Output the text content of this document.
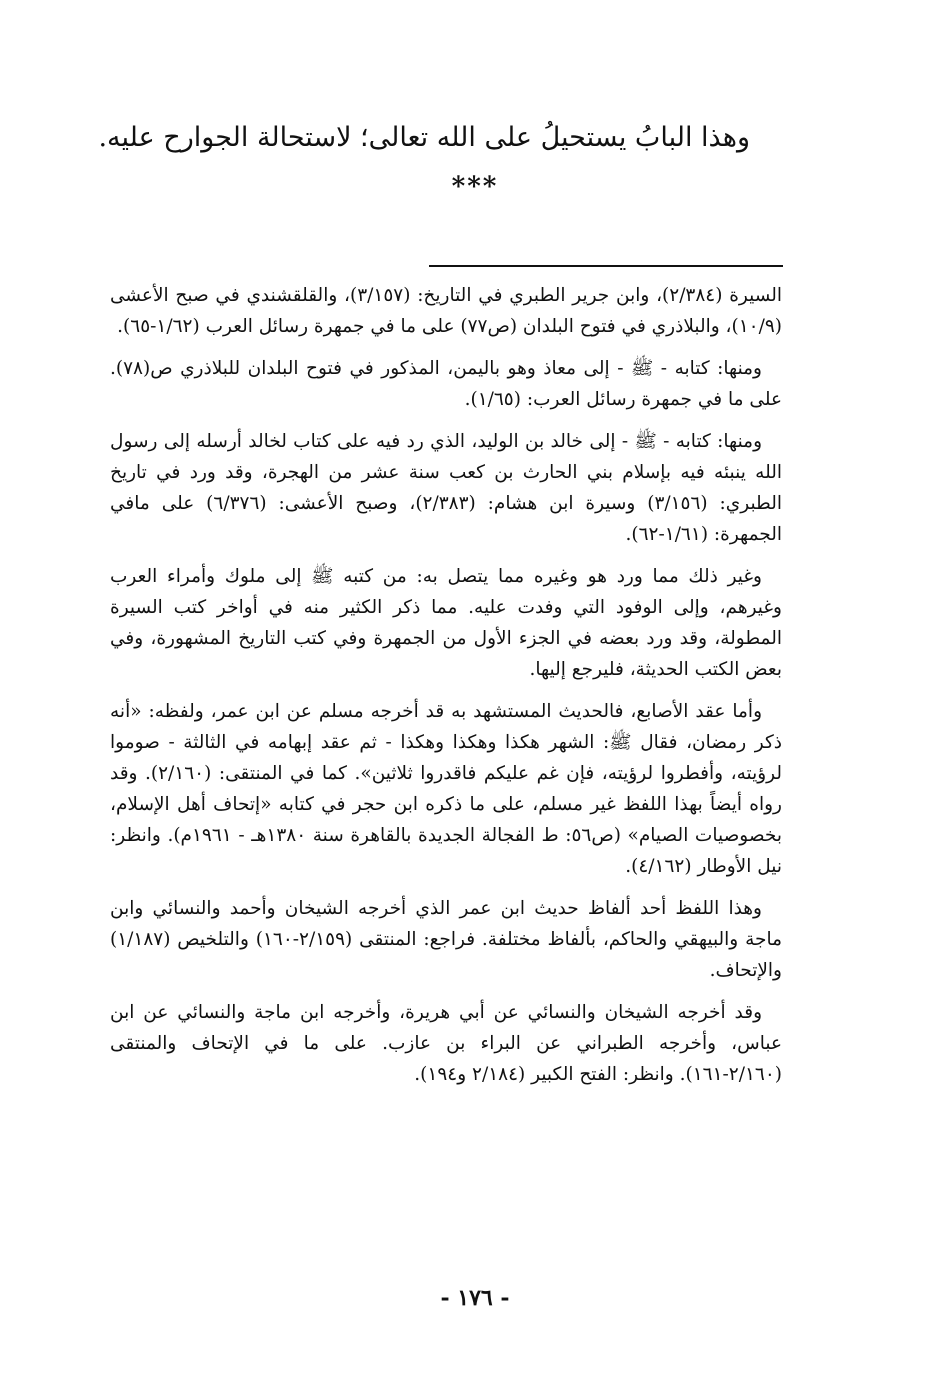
وهذا البابُ يستحيلُ على الله تعالى؛ لاستحالة الجوارح عليه.
***

السيرة (٢/٣٨٤)، وابن جرير الطبري في التاريخ: (٣/١٥٧)، والقلقشندي في صبح الأعشى (١٠/٩)، والبلاذري في فتوح البلدان (ص٧٧) على ما في جمهرة رسائل العرب (١/٦٢-٦٥).

ومنها: كتابه - ﷺ - إلى معاذ وهو باليمن، المذكور في فتوح البلدان للبلاذري ص(٧٨). على ما في جمهرة رسائل العرب: (١/٦٥).

ومنها: كتابه - ﷺ - إلى خالد بن الوليد، الذي رد فيه على كتاب لخالد أرسله إلى رسول الله ينبئه فيه بإسلام بني الحارث بن كعب سنة عشر من الهجرة، وقد ورد في تاريخ الطبري: (٣/١٥٦) وسيرة ابن هشام: (٢/٣٨٣)، وصبح الأعشى: (٦/٣٧٦) على مافي الجمهرة: (١/٦١-٦٢).

وغير ذلك مما ورد هو وغيره مما يتصل به: من كتبه ﷺ إلى ملوك وأمراء العرب وغيرهم، وإلى الوفود التي وفدت عليه. مما ذكر الكثير منه في أواخر كتب السيرة المطولة، وقد ورد بعضه في الجزء الأول من الجمهرة وفي كتب التاريخ المشهورة، وفي بعض الكتب الحديثة، فليرجع إليها.

وأما عقد الأصابع، فالحديث المستشهد به قد أخرجه مسلم عن ابن عمر، ولفظه: «أنه ذكر رمضان، فقال ﷺ: الشهر هكذا وهكذا وهكذا - ثم عقد إبهامه في الثالثة - صوموا لرؤيته، وأفطروا لرؤيته، فإن غم عليكم فاقدروا ثلاثين». كما في المنتقى: (٢/١٦٠). وقد رواه أيضاً بهذا اللفظ غير مسلم، على ما ذكره ابن حجر في كتابه «إتحاف أهل الإسلام، بخصوصيات الصيام» (ص٥٦: ط الفجالة الجديدة بالقاهرة سنة ١٣٨٠هـ - ١٩٦١م). وانظر: نيل الأوطار (٤/١٦٢).

وهذا اللفظ أحد ألفاظ حديث ابن عمر الذي أخرجه الشيخان وأحمد والنسائي وابن ماجة والبيهقي والحاكم، بألفاظ مختلفة. فراجع: المنتقى (٢/١٥٩-١٦٠) والتلخيص (١/١٨٧) والإتحاف.

وقد أخرجه الشيخان والنسائي عن أبي هريرة، وأخرجه ابن ماجة والنسائي عن ابن عباس، وأخرجه الطبراني عن البراء بن عازب. على ما في الإتحاف والمنتقى (٢/١٦٠-١٦١). وانظر: الفتح الكبير (٢/١٨٤ و١٩٤).

- ١٧٦ -
